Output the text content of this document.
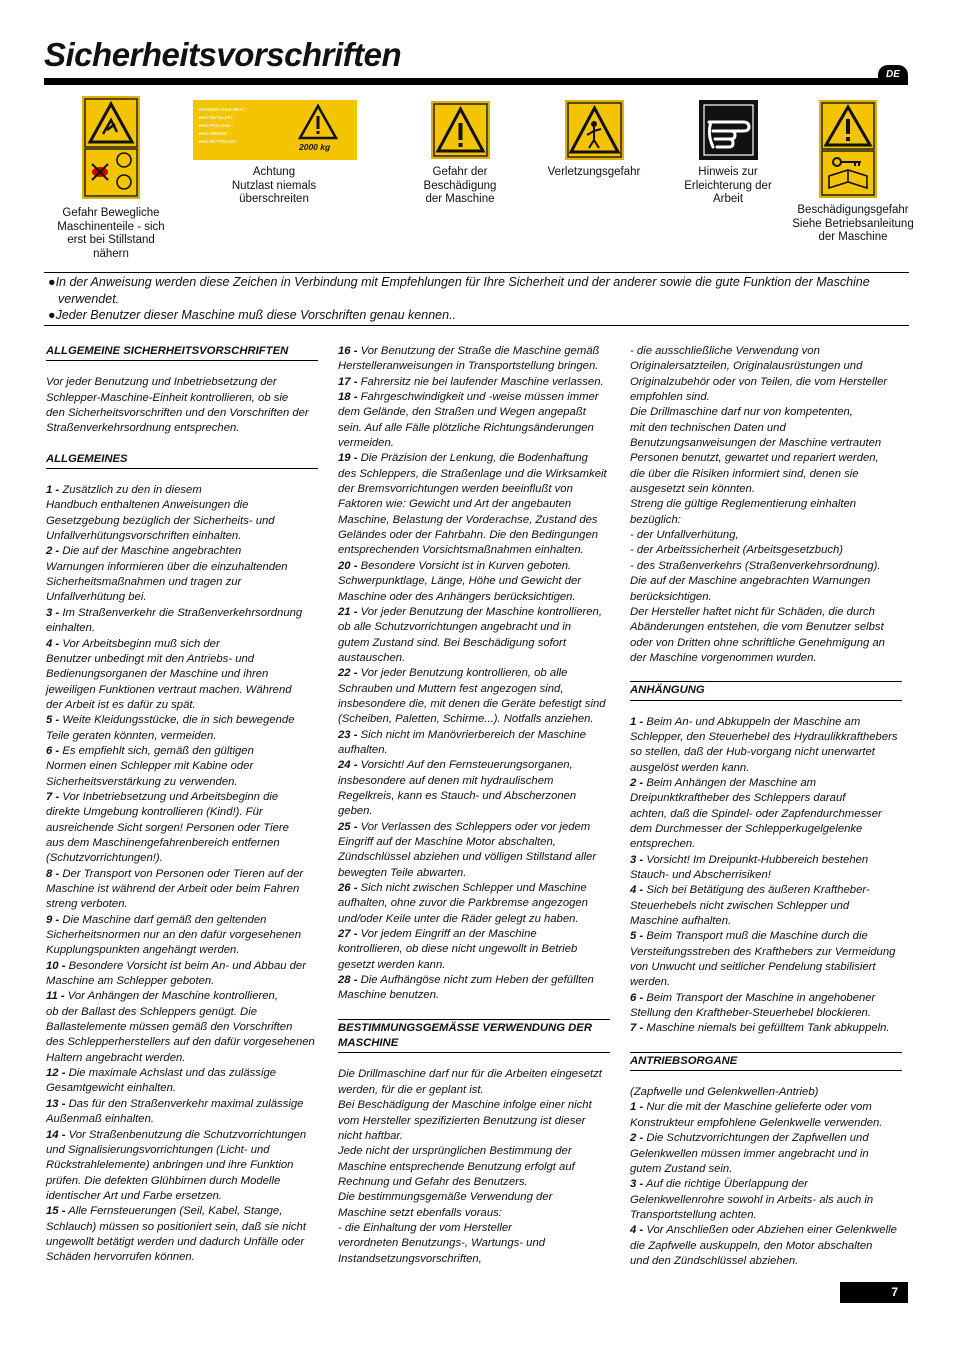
Sicherheitsvorschriften
DE
Gefahr Bewegliche
Maschinenteile - sich
erst bei Stillstand
nähern
CHARGE UTILE MAX :
MAX NUTZLAST :
MAX PAYLOAD :
MAX INHOUD :
MAX NYTTELAST :
2000 kg
Achtung
Nutzlast niemals
überschreiten
Gefahr der
Beschädigung
der Maschine
Verletzungsgefahr	Hinweis zur
Erleichterung der
Arbeit
Beschädigungsgefahr
Siehe Betriebsanleitung
der Maschine

●In der Anweisung werden diese Zeichen in Verbindung mit Empfehlungen für Ihre Sicherheit und der anderer sowie die gute Funktion der Maschine verwendet.

●Jeder Benutzer dieser Maschine muß diese Vorschriften genau kennen..

ALLGEMEINE SICHERHEITSVORSCHRIFTEN

Vor jeder Benutzung und Inbetriebsetzung der
Schlepper-Maschine-Einheit kontrollieren, ob sie
den Sicherheitsvorschriften und den Vorschriften der
Straßenverkehrsordnung entsprechen.

ALLGEMEINES

1 - Zusätzlich zu den in diesem
Handbuch enthaltenen Anweisungen die
Gesetzgebung bezüglich der Sicherheits- und
Unfallverhütungsvorschriften einhalten.

2 - Die auf der Maschine angebrachten
Warnungen informieren über die einzuhaltenden
Sicherheitsmaßnahmen und tragen zur
Unfallverhütung bei.

3 - Im Straßenverkehr die Straßenverkehrsordnung
einhalten.

4 - Vor Arbeitsbeginn muß sich der
Benutzer unbedingt mit den Antriebs- und
Bedienungsorganen der Maschine und ihren
jeweiligen Funktionen vertraut machen. Während
der Arbeit ist es dafür zu spät.

5 - Weite Kleidungsstücke, die in sich bewegende
Teile geraten könnten, vermeiden.

6 - Es empfiehlt sich, gemäß den gültigen
Normen einen Schlepper mit Kabine oder
Sicherheitsverstärkung zu verwenden.

7 - Vor Inbetriebsetzung und Arbeitsbeginn die
direkte Umgebung kontrollieren (Kind!). Für
ausreichende Sicht sorgen! Personen oder Tiere
aus dem Maschinengefahrenbereich entfernen
(Schutzvorrichtungen!).

8 - Der Transport von Personen oder Tieren auf der
Maschine ist während der Arbeit oder beim Fahren
streng verboten.

9 - Die Maschine darf gemäß den geltenden
Sicherheitsnormen nur an den dafür vorgesehenen
Kupplungspunkten angehängt werden.

10 - Besondere Vorsicht ist beim An- und Abbau der
Maschine am Schlepper geboten.

11 - Vor Anhängen der Maschine kontrollieren,
ob der Ballast des Schleppers genügt. Die
Ballastelemente müssen gemäß den Vorschriften
des Schlepperherstellers auf den dafür vorgesehenen
Haltern angebracht werden.

12 - Die maximale Achslast und das zulässige
Gesamtgewicht einhalten.

13 - Das für den Straßenverkehr maximal zulässige
Außenmaß einhalten.

14 - Vor Straßenbenutzung die Schutzvorrichtungen
und Signalisierungsvorrichtungen (Licht- und
Rückstrahlelemente) anbringen und ihre Funktion
prüfen. Die defekten Glühbirnen durch Modelle
identischer Art und Farbe ersetzen.

15 - Alle Fernsteuerungen (Seil, Kabel, Stange,
Schlauch) müssen so positioniert sein, daß sie nicht
ungewollt betätigt werden und dadurch Unfälle oder
Schäden hervorrufen können.

16 - Vor Benutzung der Straße die Maschine gemäß
Herstelleranweisungen in Transportstellung bringen.

17 - Fahrersitz nie bei laufender Maschine verlassen.

18 - Fahrgeschwindigkeit und -weise müssen immer
dem Gelände, den Straßen und Wegen angepaßt
sein. Auf alle Fälle plötzliche Richtungsänderungen
vermeiden.

19 - Die Präzision der Lenkung, die Bodenhaftung
des Schleppers, die Straßenlage und die Wirksamkeit
der Bremsvorrichtungen werden beeinflußt von
Faktoren wie: Gewicht und Art der angebauten
Maschine, Belastung der Vorderachse, Zustand des
Geländes oder der Fahrbahn. Die den Bedingungen
entsprechenden Vorsichtsmaßnahmen einhalten.

20 - Besondere Vorsicht ist in Kurven geboten.
Schwerpunktlage, Länge, Höhe und Gewicht der
Maschine oder des Anhängers berücksichtigen.

21 - Vor jeder Benutzung der Maschine kontrollieren,
ob alle Schutzvorrichtungen angebracht und in
gutem Zustand sind. Bei Beschädigung sofort
austauschen.

22 - Vor jeder Benutzung kontrollieren, ob alle
Schrauben und Muttern fest angezogen sind,
insbesondere die, mit denen die Geräte befestigt sind
(Scheiben, Paletten, Schirme...). Notfalls anziehen.

23 - Sich nicht im Manövrierbereich der Maschine
aufhalten.

24 - Vorsicht! Auf den Fernsteuerungsorganen,
insbesondere auf denen mit hydraulischem
Regelkreis, kann es Stauch- und Abscherzonen
geben.

25 - Vor Verlassen des Schleppers oder vor jedem
Eingriff auf der Maschine Motor abschalten,
Zündschlüssel abziehen und völligen Stillstand aller
bewegten Teile abwarten.

26 - Sich nicht zwischen Schlepper und Maschine
aufhalten, ohne zuvor die Parkbremse angezogen
und/oder Keile unter die Räder gelegt zu haben.

27 - Vor jedem Eingriff an der Maschine
kontrollieren, ob diese nicht ungewollt in Betrieb
gesetzt werden kann.

28 - Die Aufhängöse nicht zum Heben der gefüllten
Maschine benutzen.

BESTIMMUNGSGEMÄSSE VERWENDUNG DER
MASCHINE

Die Drillmaschine darf nur für die Arbeiten eingesetzt
werden, für die er geplant ist.
Bei Beschädigung der Maschine infolge einer nicht
vom Hersteller spezifizierten Benutzung ist dieser
nicht haftbar.
Jede nicht der ursprünglichen Bestimmung der
Maschine entsprechende Benutzung erfolgt auf
Rechnung und Gefahr des Benutzers.
Die bestimmungsgemäße Verwendung der
Maschine setzt ebenfalls voraus:
- die Einhaltung der vom Hersteller
verordneten Benutzungs-, Wartungs- und
Instandsetzungsvorschriften,

- die ausschließliche Verwendung von
Originalersatzteilen, Originalausrüstungen und
Originalzubehör oder von Teilen, die vom Hersteller
empfohlen sind.
Die Drillmaschine darf nur von kompetenten,
mit den technischen Daten und
Benutzungsanweisungen der Maschine vertrauten
Personen benutzt, gewartet und repariert werden,
die über die Risiken informiert sind, denen sie
ausgesetzt sein könnten.
Streng die gültige Reglementierung einhalten
bezüglich:
- der Unfallverhütung,
- der Arbeitssicherheit (Arbeitsgesetzbuch)
- des Straßenverkehrs (Straßenverkehrsordnung).
Die auf der Maschine angebrachten Warnungen
berücksichtigen.
Der Hersteller haftet nicht für Schäden, die durch
Abänderungen entstehen, die vom Benutzer selbst
oder von Dritten ohne schriftliche Genehmigung an
der Maschine vorgenommen wurden.

ANHÄNGUNG

1 - Beim An- und Abkuppeln der Maschine am
Schlepper, den Steuerhebel des Hydraulikkrafthebers
so stellen, daß der Hub-vorgang nicht unerwartet
ausgelöst werden kann.

2 - Beim Anhängen der Maschine am
Dreipunktkraftheber des Schleppers darauf
achten, daß die Spindel- oder Zapfendurchmesser
dem Durchmesser der Schlepperkugelgelenke
entsprechen.

3 - Vorsicht! Im Dreipunkt-Hubbereich bestehen
Stauch- und Abscherrisiken!

4 - Sich bei Betätigung des äußeren Kraftheber-
Steuerhebels nicht zwischen Schlepper und
Maschine aufhalten.

5 - Beim Transport muß die Maschine durch die
Versteifungsstreben des Krafthebers zur Vermeidung
von Unwucht und seitlicher Pendelung stabilisiert
werden.

6 - Beim Transport der Maschine in angehobener
Stellung den Kraftheber-Steuerhebel blockieren.

7 - Maschine niemals bei gefülltem Tank abkuppeln.

ANTRIEBSORGANE

(Zapfwelle und Gelenkwellen-Antrieb)

1 - Nur die mit der Maschine gelieferte oder vom
Konstrukteur empfohlene Gelenkwelle verwenden.

2 - Die Schutzvorrichtungen der Zapfwellen und
Gelenkwellen müssen immer angebracht und in
gutem Zustand sein.

3 - Auf die richtige Überlappung der
Gelenkwellenrohre sowohl in Arbeits- als auch in
Transportstellung achten.

4 - Vor Anschließen oder Abziehen einer Gelenkwelle
die Zapfwelle auskuppeln, den Motor abschalten
und den Zündschlüssel abziehen.

7
